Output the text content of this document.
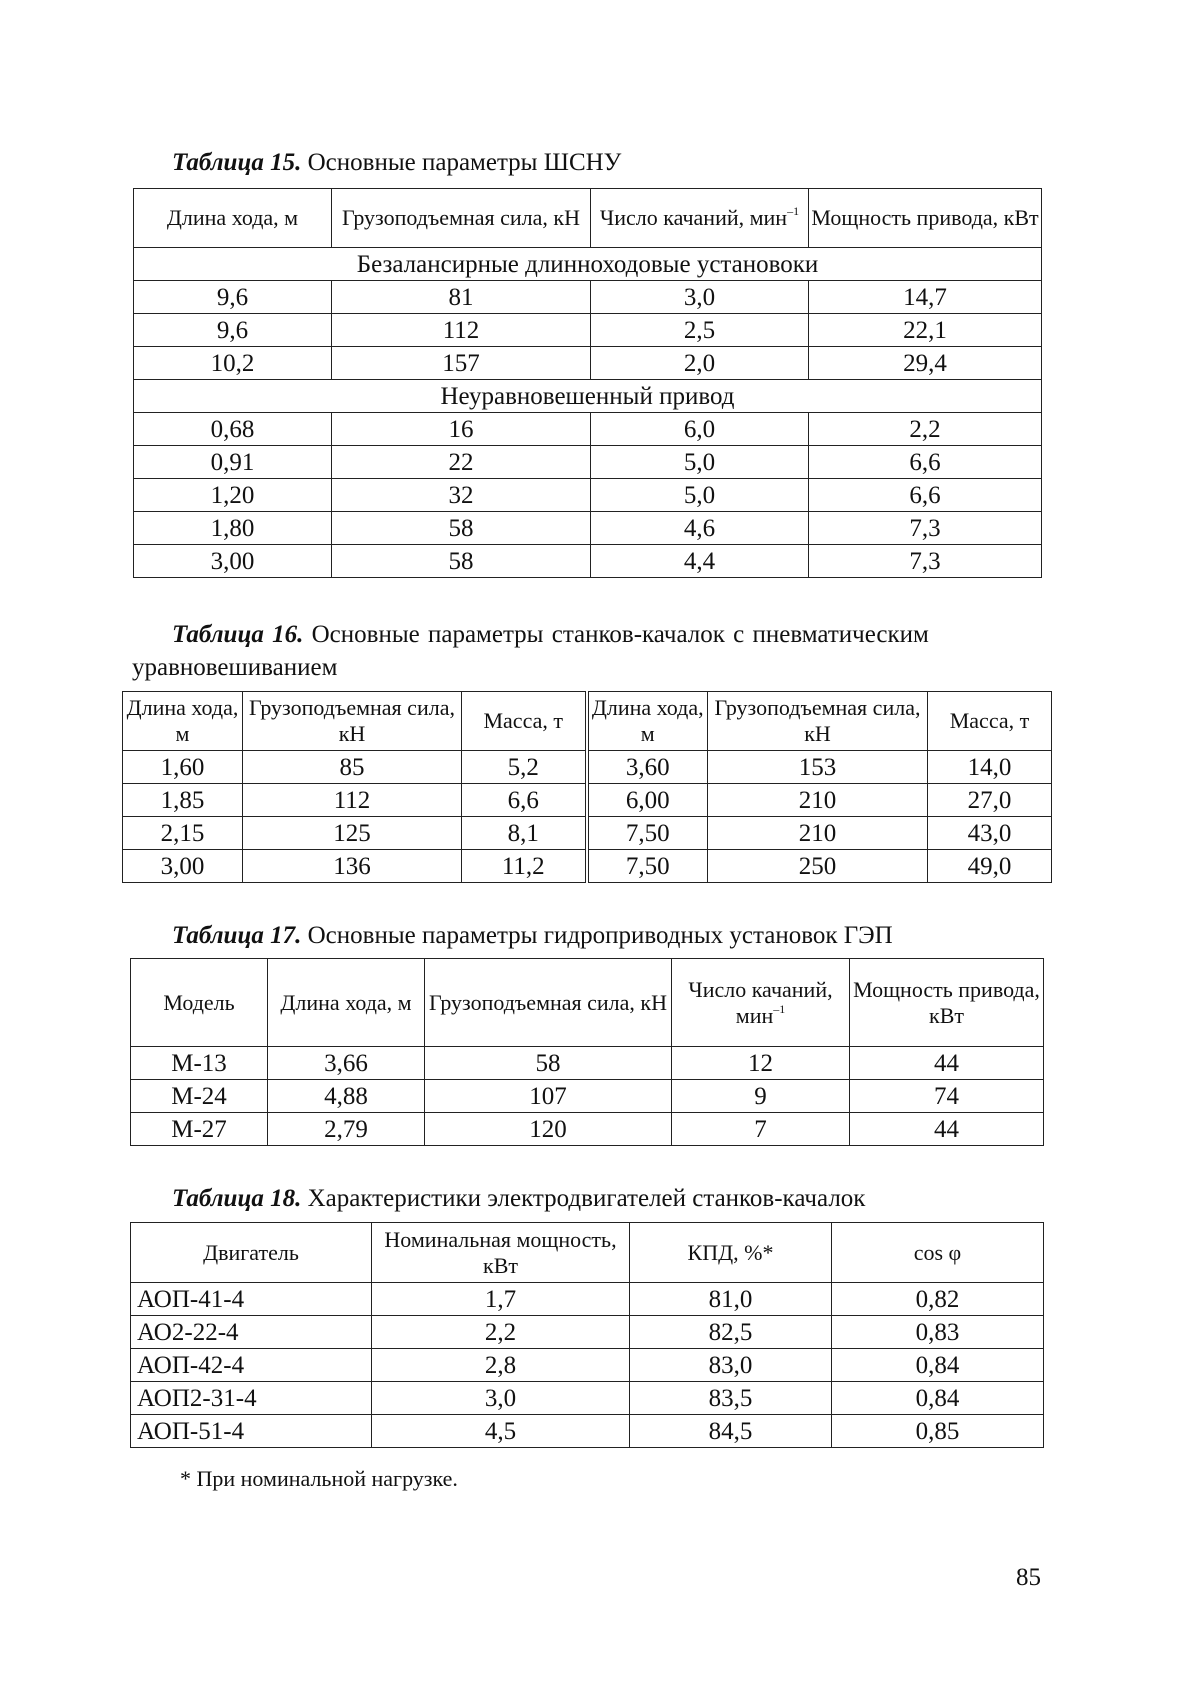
Таблица 15. Основные параметры ШСНУ
Длина хода, м	Грузоподъемная сила, кН	Число качаний, мин–1	Мощность привода, кВт
Безалансирные длинноходовые установоки
9,6	81	3,0	14,7
9,6	112	2,5	22,1
10,2	157	2,0	29,4
Неуравновешенный привод
0,68	16	6,0	2,2
0,91	22	5,0	6,6
1,20	32	5,0	6,6
1,80	58	4,6	7,3
3,00	58	4,4	7,3
Таблица 16. Основные параметры станков-качалок с пневматическим
уравновешиванием
Длина хода, м	Грузоподъемная сила, кН	Масса, т	Длина хода, м	Грузоподъемная сила, кН	Масса, т
1,60	85	5,2	3,60	153	14,0
1,85	112	6,6	6,00	210	27,0
2,15	125	8,1	7,50	210	43,0
3,00	136	11,2	7,50	250	49,0
Таблица 17. Основные параметры гидроприводных установок ГЭП
Модель	Длина хода, м	Грузоподъемная сила, кН	Число качаний, мин–1	Мощность привода, кВт
М-13	3,66	58	12	44
М-24	4,88	107	9	74
М-27	2,79	120	7	44
Таблица 18. Характеристики электродвигателей станков-качалок
Двигатель	Номинальная мощность, кВт	КПД, %*	cos φ
АОП-41-4	1,7	81,0	0,82
АО2-22-4	2,2	82,5	0,83
АОП-42-4	2,8	83,0	0,84
АОП2-31-4	3,0	83,5	0,84
АОП-51-4	4,5	84,5	0,85
* При номинальной нагрузке.
85
